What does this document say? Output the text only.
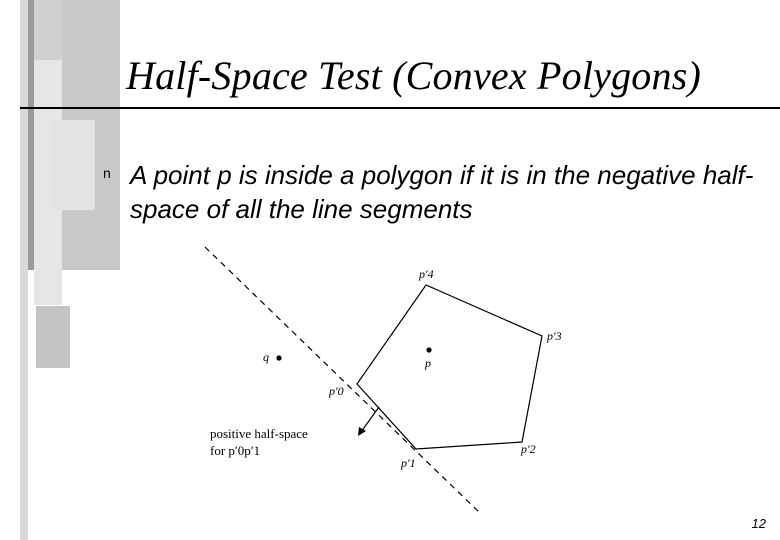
Half-Space Test (Convex Polygons)
n A point p is inside a polygon if it is in the negative half-space of all the line segments
p′4
p′3
p′0
p′2
p′1
p
q
positive half-space
for p′0p′1
12
